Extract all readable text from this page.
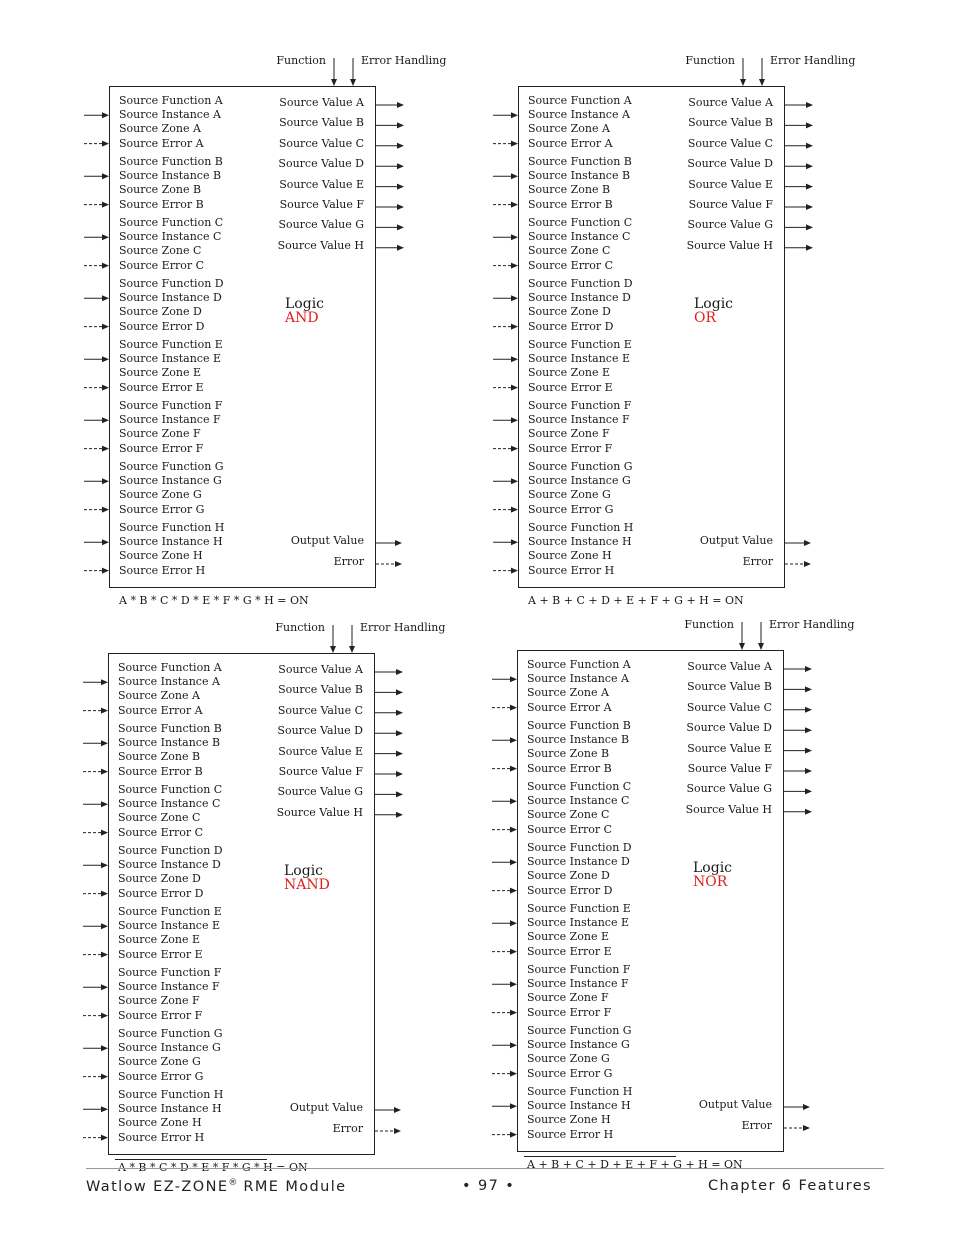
Function	Error Handling
Source Function A
Source Instance A
Source Zone A
Source Error A
Source Function B
Source Instance B
Source Zone B
Source Error B
Source Function C
Source Instance C
Source Zone C
Source Error C
Source Function D
Source Instance D
Source Zone D
Source Error D
Source Function E
Source Instance E
Source Zone E
Source Error E
Source Function F
Source Instance F
Source Zone F
Source Error F
Source Function G
Source Instance G
Source Zone G
Source Error G
Source Function H
Source Instance H
Source Zone H
Source Error H
Source Value A
Source Value B
Source Value C
Source Value D
Source Value E
Source Value F
Source Value G
Source Value H
Output Value
Error
Logic
AND
A * B * C * D * E * F * G * H = ON
Function	Error Handling
Source Function A
Source Instance A
Source Zone A
Source Error A
Source Function B
Source Instance B
Source Zone B
Source Error B
Source Function C
Source Instance C
Source Zone C
Source Error C
Source Function D
Source Instance D
Source Zone D
Source Error D
Source Function E
Source Instance E
Source Zone E
Source Error E
Source Function F
Source Instance F
Source Zone F
Source Error F
Source Function G
Source Instance G
Source Zone G
Source Error G
Source Function H
Source Instance H
Source Zone H
Source Error H
Source Value A
Source Value B
Source Value C
Source Value D
Source Value E
Source Value F
Source Value G
Source Value H
Output Value
Error
Logic
OR
A + B + C + D + E + F + G + H = ON
Function	Error Handling
Source Function A
Source Instance A
Source Zone A
Source Error A
Source Function B
Source Instance B
Source Zone B
Source Error B
Source Function C
Source Instance C
Source Zone C
Source Error C
Source Function D
Source Instance D
Source Zone D
Source Error D
Source Function E
Source Instance E
Source Zone E
Source Error E
Source Function F
Source Instance F
Source Zone F
Source Error F
Source Function G
Source Instance G
Source Zone G
Source Error G
Source Function H
Source Instance H
Source Zone H
Source Error H
Source Value A
Source Value B
Source Value C
Source Value D
Source Value E
Source Value F
Source Value G
Source Value H
Output Value
Error
Logic
NAND
A * B * C * D * E * F * G * H = ON
Function	Error Handling
Source Function A
Source Instance A
Source Zone A
Source Error A
Source Function B
Source Instance B
Source Zone B
Source Error B
Source Function C
Source Instance C
Source Zone C
Source Error C
Source Function D
Source Instance D
Source Zone D
Source Error D
Source Function E
Source Instance E
Source Zone E
Source Error E
Source Function F
Source Instance F
Source Zone F
Source Error F
Source Function G
Source Instance G
Source Zone G
Source Error G
Source Function H
Source Instance H
Source Zone H
Source Error H
Source Value A
Source Value B
Source Value C
Source Value D
Source Value E
Source Value F
Source Value G
Source Value H
Output Value
Error
Logic
NOR
A + B + C + D + E + F + G + H = ON
Watlow EZ-ZONE® RME Module	• 97 •	Chapter 6 Features
